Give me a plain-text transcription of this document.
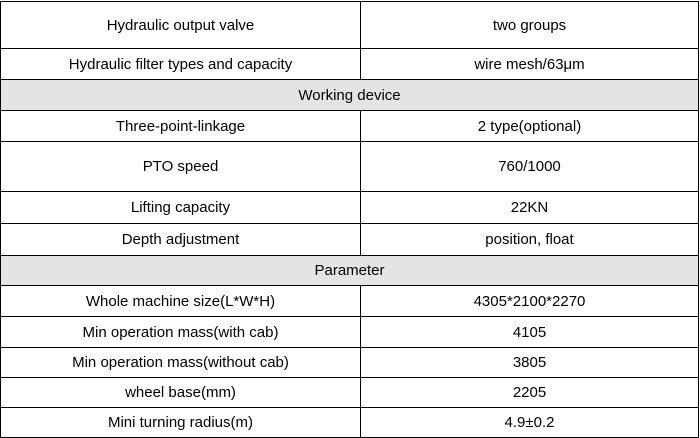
Hydraulic output valve	two groups
Hydraulic filter types and capacity	wire mesh/63μm
Working device	
Three-point-linkage	2 type(optional)
PTO speed	760/1000
Lifting capacity	22KN
Depth adjustment	position, float
Parameter	
Whole machine size(L*W*H)	4305*2100*2270
Min operation mass(with cab)	4105
Min operation mass(without cab)	3805
wheel base(mm)	2205
Mini turning radius(m)	4.9±0.2
